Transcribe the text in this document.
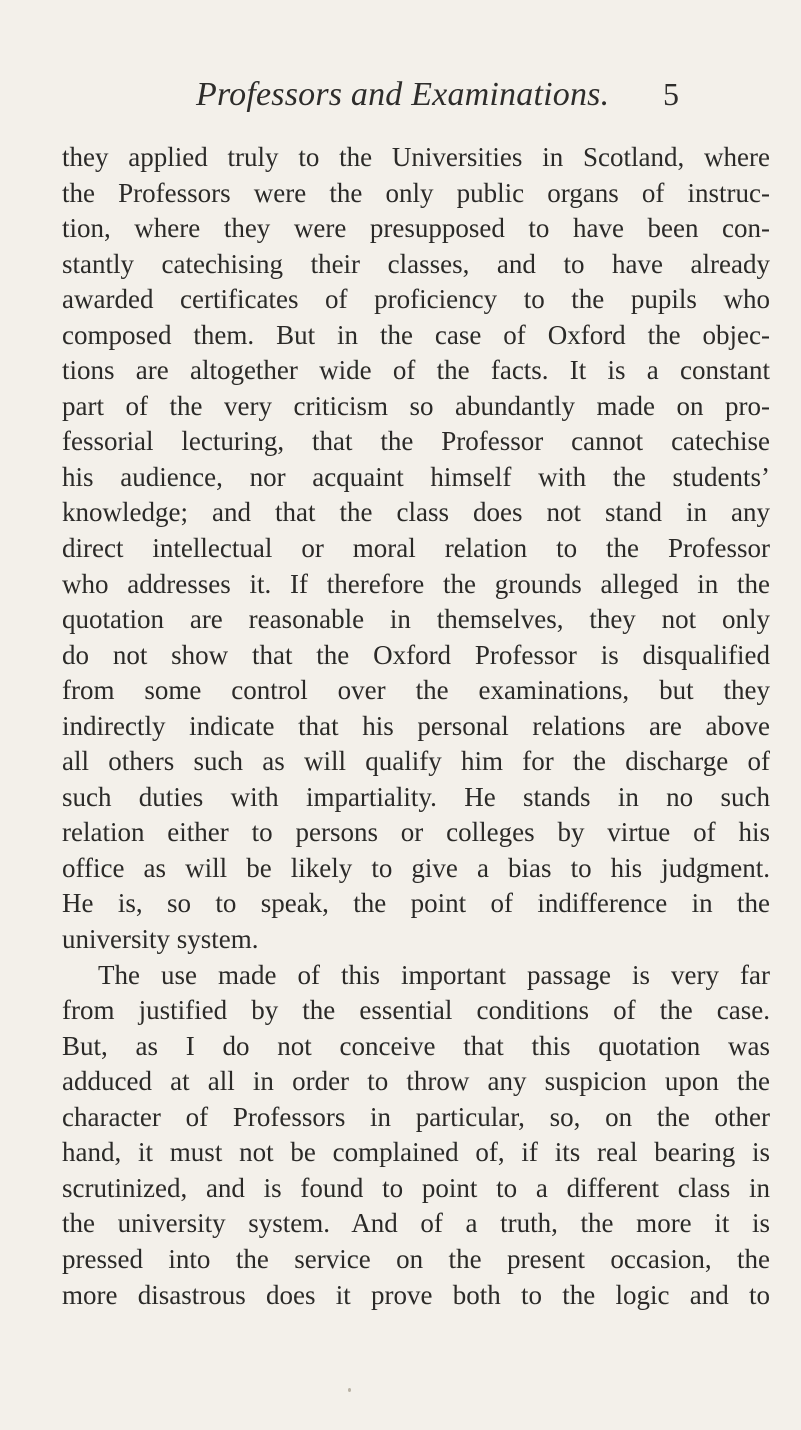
Professors and Examinations. 5
they applied truly to the Universities in Scotland, where
the Professors were the only public organs of instruc-
tion, where they were presupposed to have been con-
stantly catechising their classes, and to have already
awarded certificates of proficiency to the pupils who
composed them. But in the case of Oxford the objec-
tions are altogether wide of the facts. It is a constant
part of the very criticism so abundantly made on pro-
fessorial lecturing, that the Professor cannot catechise
his audience, nor acquaint himself with the students’
knowledge; and that the class does not stand in any
direct intellectual or moral relation to the Professor
who addresses it. If therefore the grounds alleged in the
quotation are reasonable in themselves, they not only
do not show that the Oxford Professor is disqualified
from some control over the examinations, but they
indirectly indicate that his personal relations are above
all others such as will qualify him for the discharge of
such duties with impartiality. He stands in no such
relation either to persons or colleges by virtue of his
office as will be likely to give a bias to his judgment.
He is, so to speak, the point of indifference in the
university system.
The use made of this important passage is very far
from justified by the essential conditions of the case.
But, as I do not conceive that this quotation was
adduced at all in order to throw any suspicion upon the
character of Professors in particular, so, on the other
hand, it must not be complained of, if its real bearing is
scrutinized, and is found to point to a different class in
the university system. And of a truth, the more it is
pressed into the service on the present occasion, the
more disastrous does it prove both to the logic and to
